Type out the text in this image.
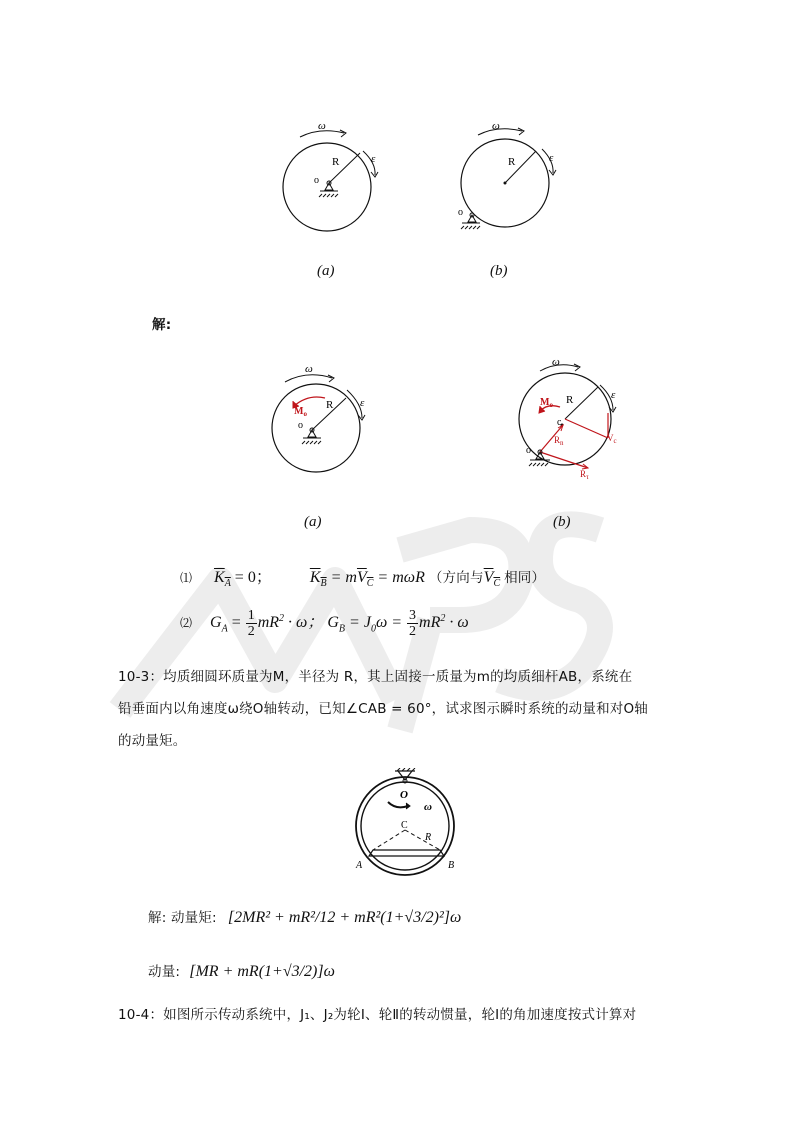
ω
ε
R
o
(a)
ω
ε
R
o
(b)
解:
ω
ε
$M_o$
R
o
(a)
ω
ε
R
$M_o$
c
$R_n$
$R_\tau$
$V_c$
o
(b)
⑴ $K_A = 0$； $K_B = mV_C = m\omega R$ （方向与$V_C$ 相同）
⑵ $G_A = \frac{1}{2} mR^2 \cdot \omega$； $G_B = J_0\omega = \frac{3}{2} mR^2 \cdot \omega$
10-3：均质细圆环质量为M，半径为 R，其上固接一质量为m的均质细杆AB，系统在
铅垂面内以角速度ω绕O轴转动，已知∠CAB = 60°，试求图示瞬时系统的动量和对O轴
的动量矩。
O
ω
C
R
A	B
解: 动量矩: [2MR² + mR²/12 + mR²(1+√3/2)²]ω
动量: [MR + mR(1+√3/2)]ω
10-4：如图所示传动系统中，J₁、J₂为轮Ⅰ、轮Ⅱ的转动惯量，轮Ⅰ的角加速度按式计算对
